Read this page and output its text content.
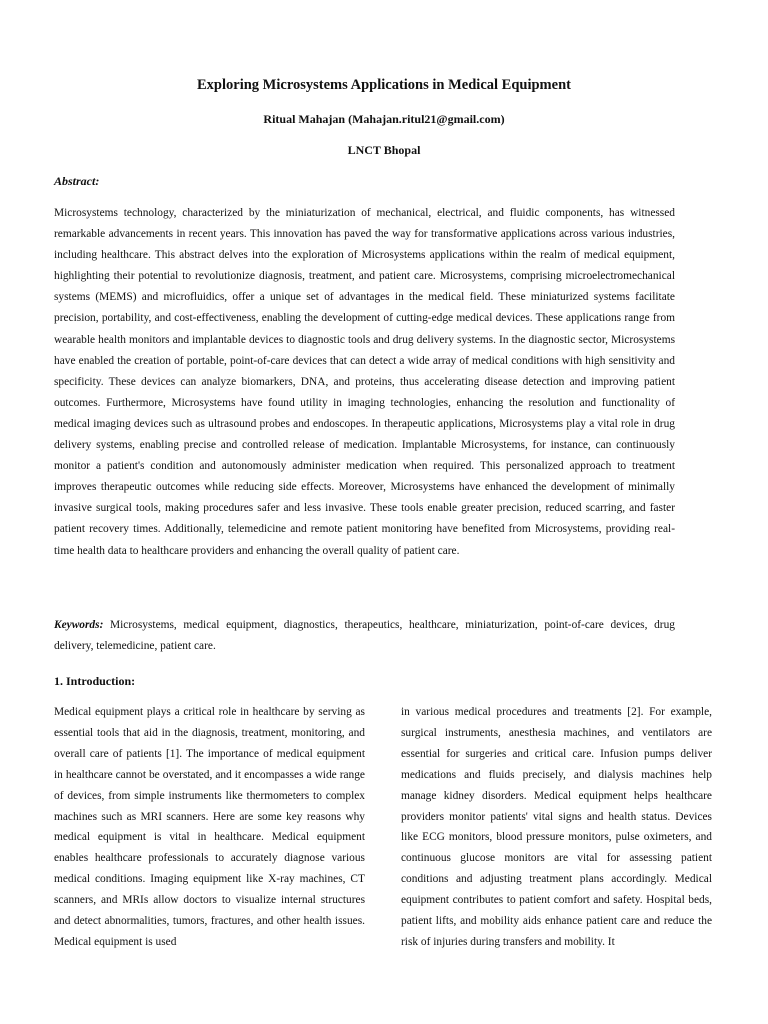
Exploring Microsystems Applications in Medical Equipment
Ritual Mahajan (Mahajan.ritul21@gmail.com)
LNCT Bhopal
Abstract:

Microsystems technology, characterized by the miniaturization of mechanical, electrical, and fluidic components, has witnessed remarkable advancements in recent years. This innovation has paved the way for transformative applications across various industries, including healthcare. This abstract delves into the exploration of Microsystems applications within the realm of medical equipment, highlighting their potential to revolutionize diagnosis, treatment, and patient care. Microsystems, comprising microelectromechanical systems (MEMS) and microfluidics, offer a unique set of advantages in the medical field. These miniaturized systems facilitate precision, portability, and cost-effectiveness, enabling the development of cutting-edge medical devices. These applications range from wearable health monitors and implantable devices to diagnostic tools and drug delivery systems. In the diagnostic sector, Microsystems have enabled the creation of portable, point-of-care devices that can detect a wide array of medical conditions with high sensitivity and specificity. These devices can analyze biomarkers, DNA, and proteins, thus accelerating disease detection and improving patient outcomes. Furthermore, Microsystems have found utility in imaging technologies, enhancing the resolution and functionality of medical imaging devices such as ultrasound probes and endoscopes. In therapeutic applications, Microsystems play a vital role in drug delivery systems, enabling precise and controlled release of medication. Implantable Microsystems, for instance, can continuously monitor a patient's condition and autonomously administer medication when required. This personalized approach to treatment improves therapeutic outcomes while reducing side effects. Moreover, Microsystems have enhanced the development of minimally invasive surgical tools, making procedures safer and less invasive. These tools enable greater precision, reduced scarring, and faster patient recovery times. Additionally, telemedicine and remote patient monitoring have benefited from Microsystems, providing real-time health data to healthcare providers and enhancing the overall quality of patient care.

Keywords: Microsystems, medical equipment, diagnostics, therapeutics, healthcare, miniaturization, point-of-care devices, drug delivery, telemedicine, patient care.

1. Introduction:

Medical equipment plays a critical role in healthcare by serving as essential tools that aid in the diagnosis, treatment, monitoring, and overall care of patients [1]. The importance of medical equipment in healthcare cannot be overstated, and it encompasses a wide range of devices, from simple instruments like thermometers to complex machines such as MRI scanners. Here are some key reasons why medical equipment is vital in healthcare. Medical equipment enables healthcare professionals to accurately diagnose various medical conditions. Imaging equipment like X-ray machines, CT scanners, and MRIs allow doctors to visualize internal structures and detect abnormalities, tumors, fractures, and other health issues. Medical equipment is used

in various medical procedures and treatments [2]. For example, surgical instruments, anesthesia machines, and ventilators are essential for surgeries and critical care. Infusion pumps deliver medications and fluids precisely, and dialysis machines help manage kidney disorders. Medical equipment helps healthcare providers monitor patients' vital signs and health status. Devices like ECG monitors, blood pressure monitors, pulse oximeters, and continuous glucose monitors are vital for assessing patient conditions and adjusting treatment plans accordingly. Medical equipment contributes to patient comfort and safety. Hospital beds, patient lifts, and mobility aids enhance patient care and reduce the risk of injuries during transfers and mobility. It
